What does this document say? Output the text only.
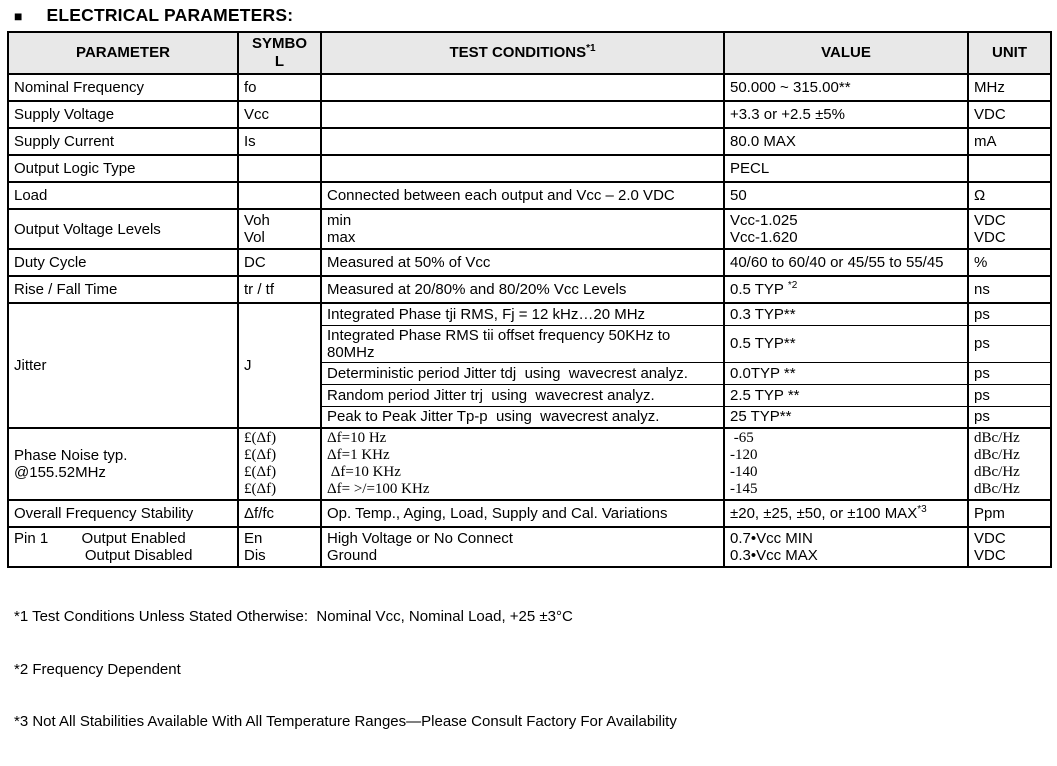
■ ELECTRICAL PARAMETERS:
PARAMETER	SYMBO
L	TEST CONDITIONS$^{*1}$	VALUE	UNIT
Nominal Frequency	fo		50.000 ~ 315.00**	MHz
Supply Voltage	Vcc		+3.3 or +2.5 ±5%	VDC
Supply Current	Is		80.0 MAX	mA
Output Logic Type			PECL	
Load		Connected between each output and Vcc – 2.0 VDC	50	Ω
Output Voltage Levels	Voh
Vol	min
max	Vcc-1.025
Vcc-1.620	VDC
VDC
Duty Cycle	DC	Measured at 50% of Vcc	40/60 to 60/40 or 45/55 to 55/45	%
Rise / Fall Time	tr / tf	Measured at 20/80% and 80/20% Vcc Levels	0.5 TYP $^{*2}$	ns
Jitter	J	Integrated Phase tji RMS, Fj = 12 kHz…20 MHz	0.3 TYP**	ps
		Integrated Phase RMS tii offset frequency 50KHz to 80MHz	0.5 TYP**	ps
		Deterministic period Jitter tdj  using  wavecrest analyz.	0.0TYP **	ps
		Random period Jitter trj  using  wavecrest analyz.	2.5 TYP **	ps
		Peak to Peak Jitter Tp-p  using  wavecrest analyz.	25 TYP**	ps
Phase Noise typ.
@155.52MHz	£(Δf)
£(Δf)
£(Δf)
£(Δf)	Δf=10 Hz
Δf=1 KHz
Δf=10 KHz
Δf= >/=100 KHz	-65
-120
-140
-145	dBc/Hz
dBc/Hz
dBc/Hz
dBc/Hz
Overall Frequency Stability	Δf/fc	Op. Temp., Aging, Load, Supply and Cal. Variations	±20, ±25, ±50, or ±100 MAX$^{*3}$	Ppm
Pin 1        Output Enabled
Output Disabled	En
Dis	High Voltage or No Connect
Ground	0.7•Vcc MIN
0.3•Vcc MAX	VDC
VDC

*1 Test Conditions Unless Stated Otherwise:  Nominal Vcc, Nominal Load, +25 ±3°C

*2 Frequency Dependent

*3 Not All Stabilities Available With All Temperature Ranges—Please Consult Factory For Availability
